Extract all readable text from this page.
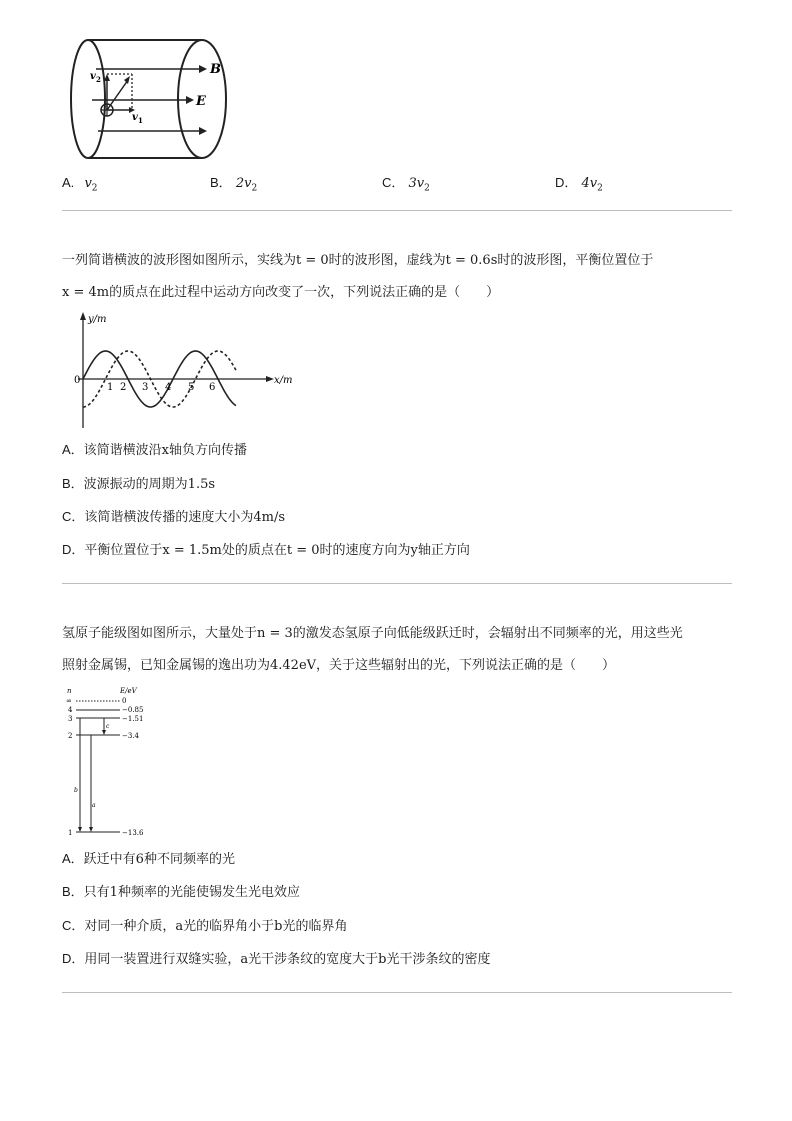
B
E
v 2
v 1
A. $v_2$	B． $2v_2$	C． $3v_2$	D． $4v_2$
一列简谐横波的波形图如图所示，实线为t = 0时的波形图，虚线为t = 0.6s时的波形图，平衡位置位于
x = 4m的质点在此过程中运动方向改变了一次，下列说法正确的是（　　）
y/m
x/m
0
1 2 3 4 5 6
A．该简谐横波沿x轴负方向传播
B．波源振动的周期为1.5s
C．该简谐横波传播的速度大小为4m/s
D．平衡位置位于x = 1.5m处的质点在t = 0时的速度方向为y轴正方向
氢原子能级图如图所示，大量处于n = 3的激发态氢原子向低能级跃迁时，会辐射出不同频率的光，用这些光
照射金属锡，已知金属锡的逸出功为4.42eV，关于这些辐射出的光，下列说法正确的是（　　）
n	E/eV
∞	0
4	−0.85
3	−1.51
2	−3.4
1	−13.6
c
b
a
A．跃迁中有6种不同频率的光
B．只有1种频率的光能使锡发生光电效应
C．对同一种介质，a光的临界角小于b光的临界角
D．用同一装置进行双缝实验，a光干涉条纹的宽度大于b光干涉条纹的密度
